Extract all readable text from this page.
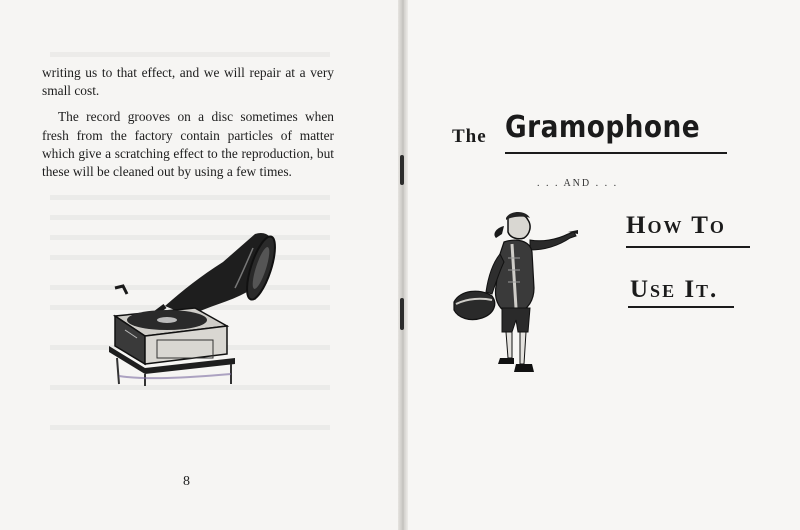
writing us to that effect, and we will repair at a very small cost.

The record grooves on a disc sometimes when fresh from the factory contain particles of matter which give a scratching effect to the reproduction, but these will be cleaned out by using a few times.

8
The Gramophone
. . . AND . . .
How To
Use It.
